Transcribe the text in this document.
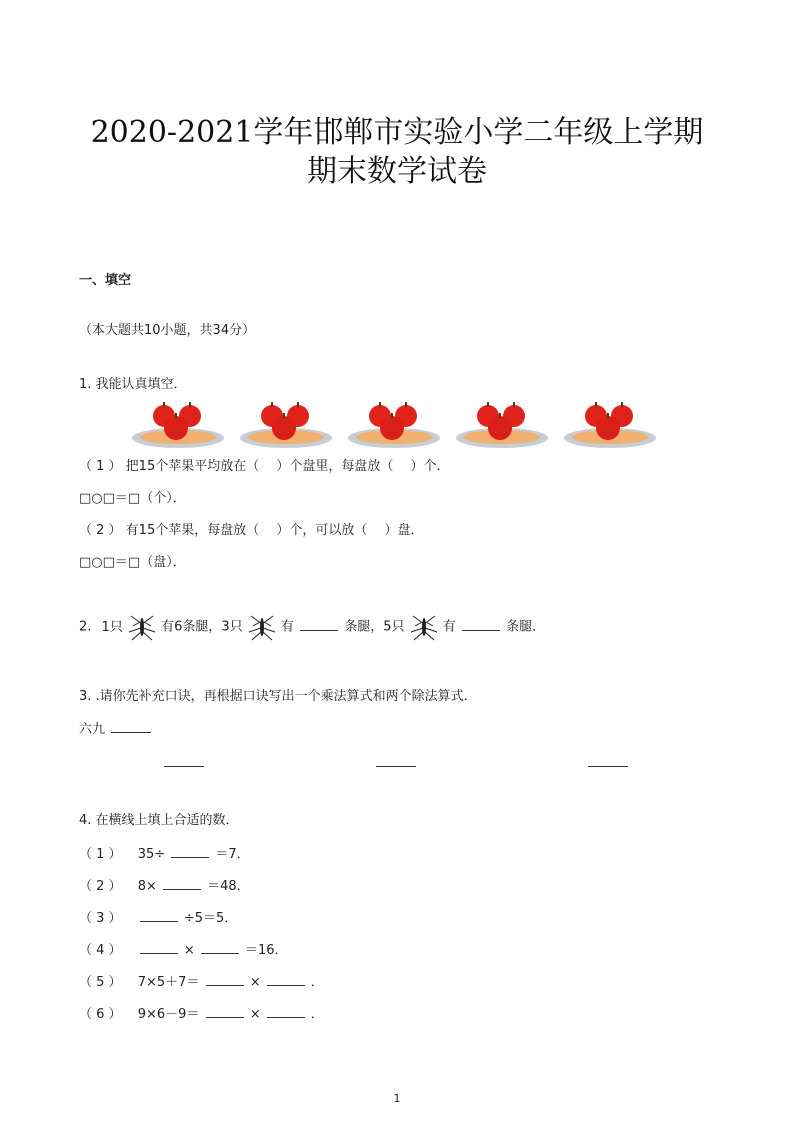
2020-2021学年邯郸市实验小学二年级上学期
期末数学试卷
一、填空
（本大题共10小题，共34分）
1. 我能认真填空．
（ 1 ） 把15个苹果平均放在（　 ）个盘里，每盘放（　 ）个．
□○□＝□（个）．
（ 2 ） 有15个苹果，每盘放（　 ）个，可以放（　 ）盘．
□○□＝□（盘）．
2. 1只	有6条腿，3只	有	条腿，5只	有	条腿．
3. .请你先补充口诀，再根据口诀写出一个乘法算式和两个除法算式．
六九
4. 在横线上填上合适的数．
（ 1 ） 35÷	＝7．
（ 2 ） 8×	＝48．
（ 3 ）	÷5＝5．
（ 4 ）	×	＝16．
（ 5 ） 7×5＋7＝	×	．
（ 6 ） 9×6－9＝	×	．
1
